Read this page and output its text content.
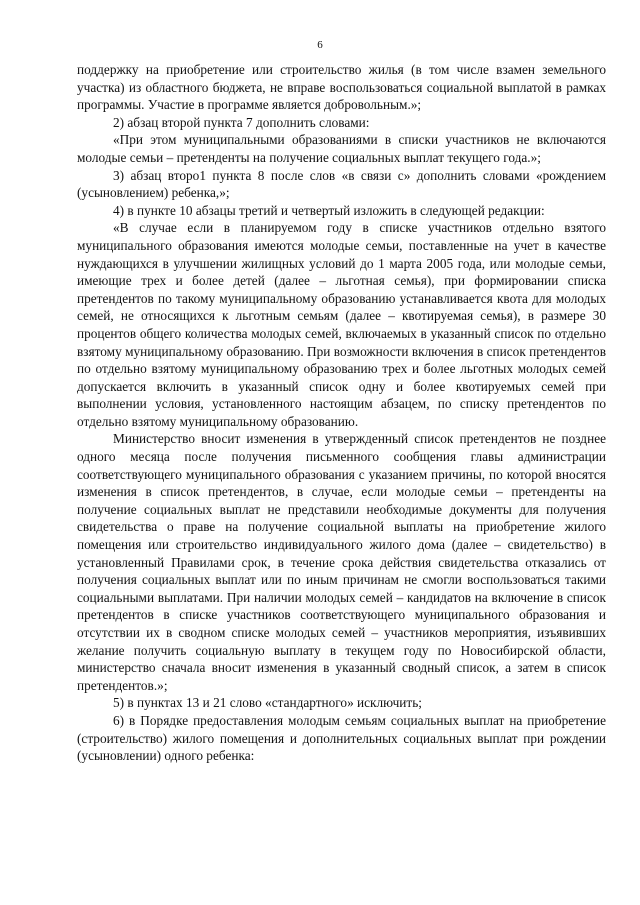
6

поддержку на приобретение или строительство жилья (в том числе взамен земельного участка) из областного бюджета, не вправе воспользоваться социальной выплатой в рамках программы. Участие в программе является добровольным.»;

2) абзац второй пункта 7 дополнить словами:

«При этом муниципальными образованиями в списки участников не включаются молодые семьи – претенденты на получение социальных выплат текущего года.»;

3) абзац второ1 пункта 8 после слов «в связи с» дополнить словами «рождением (усыновлением) ребенка,»;

4) в пункте 10 абзацы третий и четвертый изложить в следующей редакции:

«В случае если в планируемом году в списке участников отдельно взятого муниципального образования имеются молодые семьи, поставленные на учет в качестве нуждающихся в улучшении жилищных условий до 1 марта 2005 года, или молодые семьи, имеющие трех и более детей (далее – льготная семья), при формировании списка претендентов по такому муниципальному образованию устанавливается квота для молодых семей, не относящихся к льготным семьям (далее – квотируемая семья), в размере 30 процентов общего количества молодых семей, включаемых в указанный список по отдельно взятому муниципальному образованию. При возможности включения в список претендентов по отдельно взятому муниципальному образованию трех и более льготных молодых семей допускается включить в указанный список одну и более квотируемых семей при выполнении условия, установленного настоящим абзацем, по списку претендентов по отдельно взятому муниципальному образованию.

Министерство вносит изменения в утвержденный список претендентов не позднее одного месяца после получения письменного сообщения главы администрации соответствующего муниципального образования с указанием причины, по которой вносятся изменения в список претендентов, в случае, если молодые семьи – претенденты на получение социальных выплат не представили необходимые документы для получения свидетельства о праве на получение социальной выплаты на приобретение жилого помещения или строительство индивидуального жилого дома (далее – свидетельство) в установленный Правилами срок, в течение срока действия свидетельства отказались от получения социальных выплат или по иным причинам не смогли воспользоваться такими социальными выплатами. При наличии молодых семей – кандидатов на включение в список претендентов в списке участников соответствующего муниципального образования и отсутствии их в сводном списке молодых семей – участников мероприятия, изъявивших желание получить социальную выплату в текущем году по Новосибирской области, министерство сначала вносит изменения в указанный сводный список, а затем в список претендентов.»;

5) в пунктах 13 и 21 слово «стандартного» исключить;

6) в Порядке предоставления молодым семьям социальных выплат на приобретение (строительство) жилого помещения и дополнительных социальных выплат при рождении (усыновлении) одного ребенка:
